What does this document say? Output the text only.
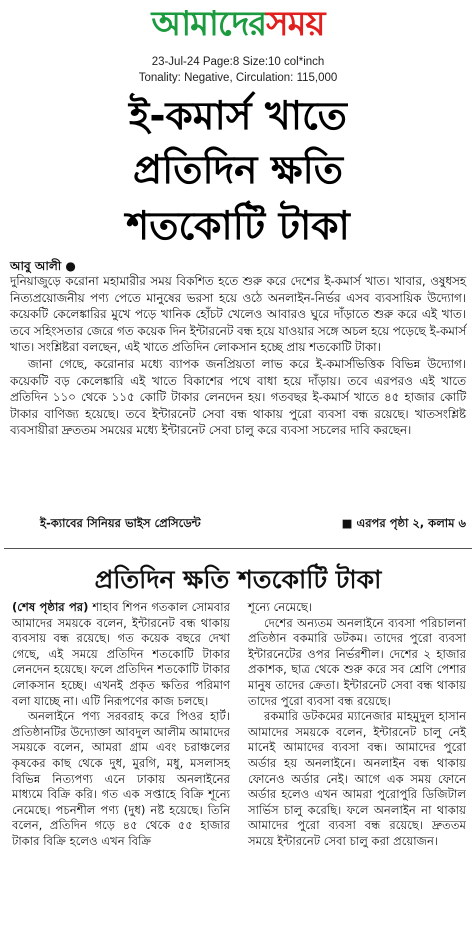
আমাদেরসময়
23-Jul-24 Page:8 Size:10 col*inch
Tonality: Negative, Circulation: 115,000
ই-কমার্স খাতে
প্রতিদিন ক্ষতি
শতকোটি টাকা
আবু আলী ●

দুনিয়াজুড়ে করোনা মহামারীর সময় বিকশিত হতে শুরু করে দেশের ই-কমার্স খাত। খাবার, ওষুধসহ নিত্যপ্রয়োজনীয় পণ্য পেতে মানুষের ভরসা হয়ে ওঠে অনলাইন-নির্ভর এসব ব্যবসায়িক উদ্যোগ। কয়েকটি কেলেঙ্কারির মুখে পড়ে খানিক হোঁচট খেলেও আবারও ঘুরে দাঁড়াতে শুরু করে এই খাত। তবে সহিংসতার জেরে গত কয়েক দিন ইন্টারনেট বন্ধ হয়ে যাওয়ার সঙ্গে অচল হয়ে পড়েছে ই-কমার্স খাত। সংশ্লিষ্টরা বলছেন, এই খাতে প্রতিদিন লোকসান হচ্ছে প্রায় শতকোটি টাকা।

জানা গেছে, করোনার মধ্যে ব্যাপক জনপ্রিয়তা লাভ করে ই-কমার্সভিত্তিক বিভিন্ন উদ্যোগ। কয়েকটি বড় কেলেঙ্কারি এই খাতে বিকাশের পথে বাধা হয়ে দাঁড়ায়। তবে এরপরও এই খাতে প্রতিদিন ১১০ থেকে ১১৫ কোটি টাকার লেনদেন হয়। গতবছর ই-কমার্স খাতে ৪৫ হাজার কোটি টাকার বাণিজ্য হয়েছে। তবে ইন্টারনেট সেবা বন্ধ থাকায় পুরো ব্যবসা বন্ধ রয়েছে। খাতসংশ্লিষ্ট ব্যবসায়ীরা দ্রুততম সময়ের মধ্যে ইন্টারনেট সেবা চালু করে ব্যবসা সচলের দাবি করছেন।

ই-ক্যাবের সিনিয়র ভাইস প্রেসিডেন্ট	■ এরপর পৃষ্ঠা ২, কলাম ৬
প্রতিদিন ক্ষতি শতকোটি টাকা

(শেষ পৃষ্ঠার পর) শাহাব শিপন গতকাল সোমবার আমাদের সময়কে বলেন, ইন্টারনেট বন্ধ থাকায় ব্যবসায় বন্ধ রয়েছে। গত কয়েক বছরে দেখা গেছে, এই সময়ে প্রতিদিন শতকোটি টাকার লেনদেন হয়েছে। ফলে প্রতিদিন শতকোটি টাকার লোকসান হচ্ছে। এখনই প্রকৃত ক্ষতির পরিমাণ বলা যাচ্ছে না। এটি নিরূপণের কাজ চলছে।

অনলাইনে পণ্য সরবরাহ করে পিওর হার্ট। প্রতিষ্ঠানটির উদ্যোক্তা আবদুল আলীম আমাদের সময়কে বলেন, আমরা গ্রাম এবং চরাঞ্চলের কৃষকের কাছ থেকে দুধ, মুরগি, মধু, মসলাসহ বিভিন্ন নিত্যপণ্য এনে ঢাকায় অনলাইনের মাধ্যমে বিক্রি করি। গত এক সপ্তাহে বিক্রি শূন্যে নেমেছে। পচনশীল পণ্য (দুধ) নষ্ট হয়েছে। তিনি বলেন, প্রতিদিন গড়ে ৪৫ থেকে ৫৫ হাজার টাকার বিক্রি হলেও এখন বিক্রি

শূন্যে নেমেছে।

দেশের অন্যতম অনলাইনে ব্যবসা পরিচালনা প্রতিষ্ঠান বকমারি ডটকম। তাদের পুরো ব্যবসা ইন্টারনেটের ওপর নির্ভরশীল। দেশের ২ হাজার প্রকাশক, ছাত্র থেকে শুরু করে সব শ্রেণি পেশার মানুষ তাদের ক্রেতা। ইন্টারনেট সেবা বন্ধ থাকায় তাদের পুরো ব্যবসা বন্ধ রয়েছে।

রকমারি ডটকমের ম্যানেজার মাহমুদুল হাসান আমাদের সময়কে বলেন, ইন্টারনেট চালু নেই মানেই আমাদের ব্যবসা বন্ধ। আমাদের পুরো অর্ডার হয় অনলাইনে। অনলাইন বন্ধ থাকায় ফোনেও অর্ডার নেই। আগে এক সময় ফোনে অর্ডার হলেও এখন আমরা পুরোপুরি ডিজিটাল সার্ভিস চালু করেছি। ফলে অনলাইন না থাকায় আমাদের পুরো ব্যবসা বন্ধ রয়েছে। দ্রুততম সময়ে ইন্টারনেট সেবা চালু করা প্রয়োজন।
